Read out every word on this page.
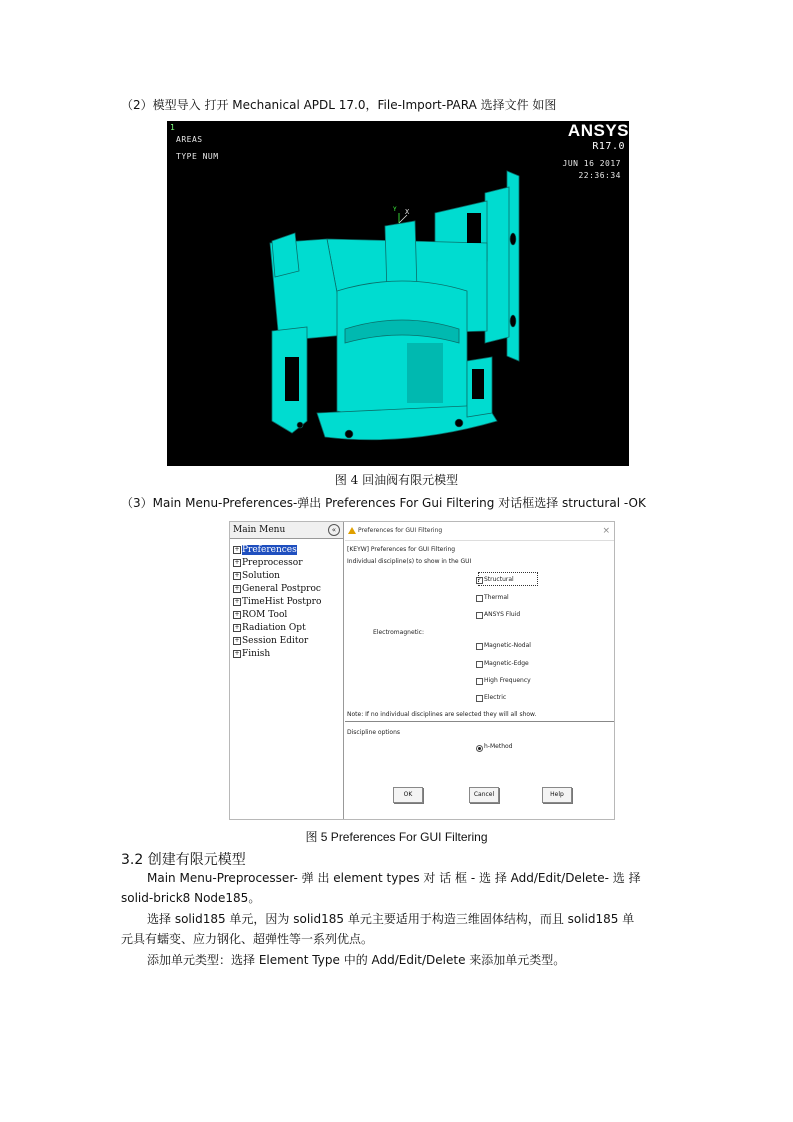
（2）模型导入 打开 Mechanical APDL 17.0，File-Import-PARA 选择文件 如图
1
AREAS
TYPE NUM
ANSYS
R17.0
JUN 16 2017
22:36:34
X
Y
图 4 回油阀有限元模型
（3）Main Menu-Preferences-弹出 Preferences For Gui Filtering 对话框选择 structural -OK
Main Menu	«
+ Preferences
+ Preprocessor
+ Solution
+ General Postproc
+ TimeHist Postpro
+ ROM Tool
+ Radiation Opt
+ Session Editor
+ Finish
Preferences for GUI Filtering	×
[KEYW] Preferences for GUI Filtering
Individual discipline(s) to show in the GUI
✓ Structural
Thermal
ANSYS Fluid
Electromagnetic:
Magnetic-Nodal
Magnetic-Edge
High Frequency
Electric
Note: If no individual disciplines are selected they will all show.
Discipline options
h-Method
OK	Cancel	Help
图 5 Preferences For GUI Filtering
3.2 创建有限元模型
Main Menu-Preprocesser- 弹 出 element types 对 话 框 - 选 择 Add/Edit/Delete- 选 择
solid-brick8 Node185。
选择 solid185 单元，因为 solid185 单元主要适用于构造三维固体结构，而且 solid185 单
元具有蠕变、应力钢化、超弹性等一系列优点。
添加单元类型：选择 Element Type 中的 Add/Edit/Delete 来添加单元类型。
